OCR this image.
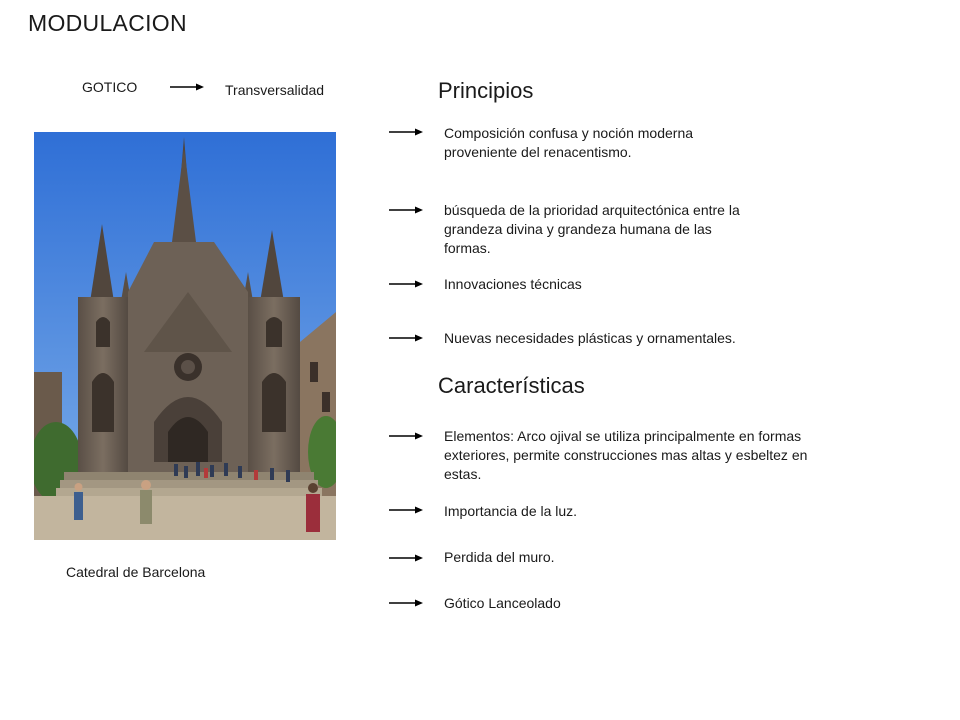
MODULACION
GOTICO	Transversalidad	Principios
Composición confusa y noción moderna
proveniente del renacentismo.
búsqueda de la prioridad arquitectónica entre la
grandeza divina y grandeza humana de las
formas.
Innovaciones técnicas
Nuevas necesidades plásticas y ornamentales.
Características
Elementos: Arco ojival se utiliza principalmente en formas
exteriores, permite construcciones mas altas y esbeltez en
estas.
Importancia de la luz.
Perdida del muro.
Gótico Lanceolado
Catedral de Barcelona
